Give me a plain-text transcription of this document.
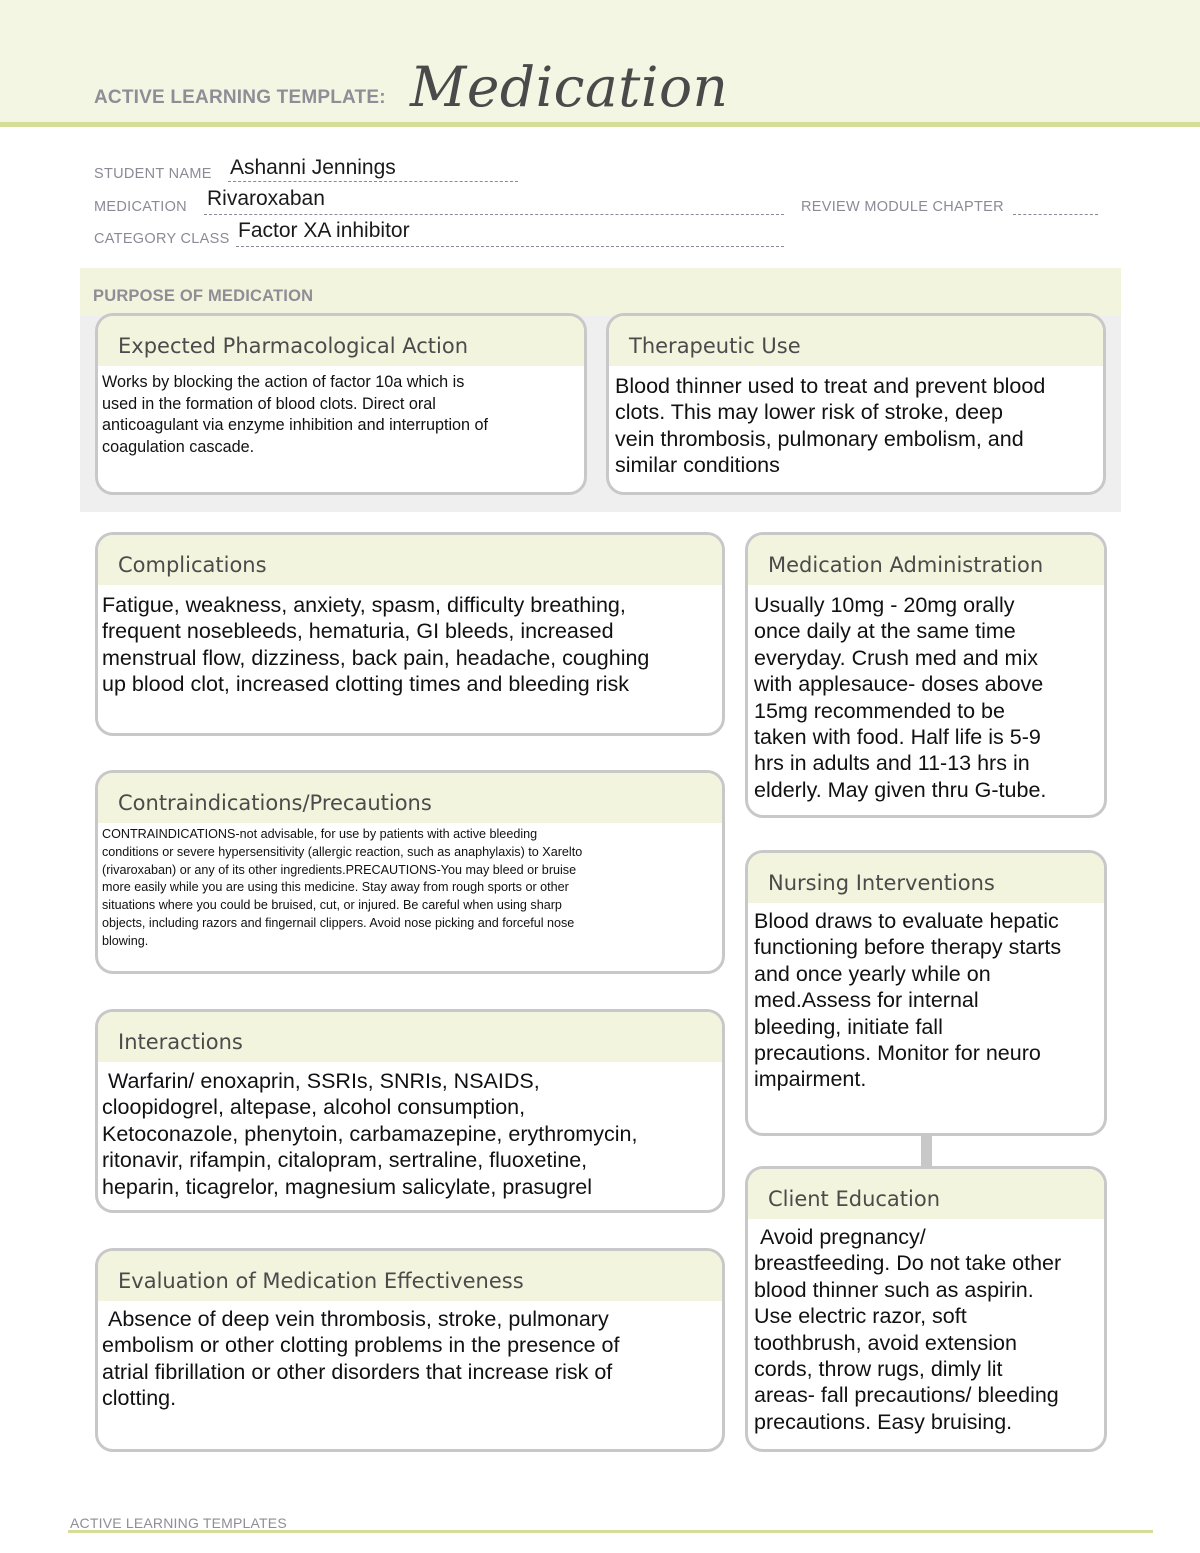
ACTIVE LEARNING TEMPLATE: Medication
STUDENT NAME Ashanni Jennings
MEDICATION Rivaroxaban	REVIEW MODULE CHAPTER
CATEGORY CLASS Factor XA inhibitor
PURPOSE OF MEDICATION
Expected Pharmacological Action
Works by blocking the action of factor 10a which is
used in the formation of blood clots. Direct oral
anticoagulant via enzyme inhibition and interruption of
coagulation cascade.
Therapeutic Use
Blood thinner used to treat and prevent blood
clots. This may lower risk of stroke, deep
vein thrombosis, pulmonary embolism, and
similar conditions
Complications
Fatigue, weakness, anxiety, spasm, difficulty breathing,
frequent nosebleeds, hematuria, GI bleeds, increased
menstrual flow, dizziness, back pain, headache, coughing
up blood clot, increased clotting times and bleeding risk
Contraindications/Precautions
CONTRAINDICATIONS-not advisable, for use by patients with active bleeding
conditions or severe hypersensitivity (allergic reaction, such as anaphylaxis) to Xarelto
(rivaroxaban) or any of its other ingredients.PRECAUTIONS-You may bleed or bruise
more easily while you are using this medicine. Stay away from rough sports or other
situations where you could be bruised, cut, or injured. Be careful when using sharp
objects, including razors and fingernail clippers. Avoid nose picking and forceful nose
blowing.
Interactions
Warfarin/ enoxaprin, SSRIs, SNRIs, NSAIDS,
cloopidogrel, altepase, alcohol consumption,
Ketoconazole, phenytoin, carbamazepine, erythromycin,
ritonavir, rifampin, citalopram, sertraline, fluoxetine,
heparin, ticagrelor, magnesium salicylate, prasugrel
Evaluation of Medication Effectiveness
Absence of deep vein thrombosis, stroke, pulmonary
embolism or other clotting problems in the presence of
atrial fibrillation or other disorders that increase risk of
clotting.
Medication Administration
Usually 10mg - 20mg orally
once daily at the same time
everyday. Crush med and mix
with applesauce- doses above
15mg recommended to be
taken with food. Half life is 5-9
hrs in adults and 11-13 hrs in
elderly. May given thru G-tube.
Nursing Interventions
Blood draws to evaluate hepatic
functioning before therapy starts
and once yearly while on
med.Assess for internal
bleeding, initiate fall
precautions. Monitor for neuro
impairment.
Client Education
Avoid pregnancy/
breastfeeding. Do not take other
blood thinner such as aspirin.
Use electric razor, soft
toothbrush, avoid extension
cords, throw rugs, dimly lit
areas- fall precautions/ bleeding
precautions. Easy bruising.
ACTIVE LEARNING TEMPLATES
